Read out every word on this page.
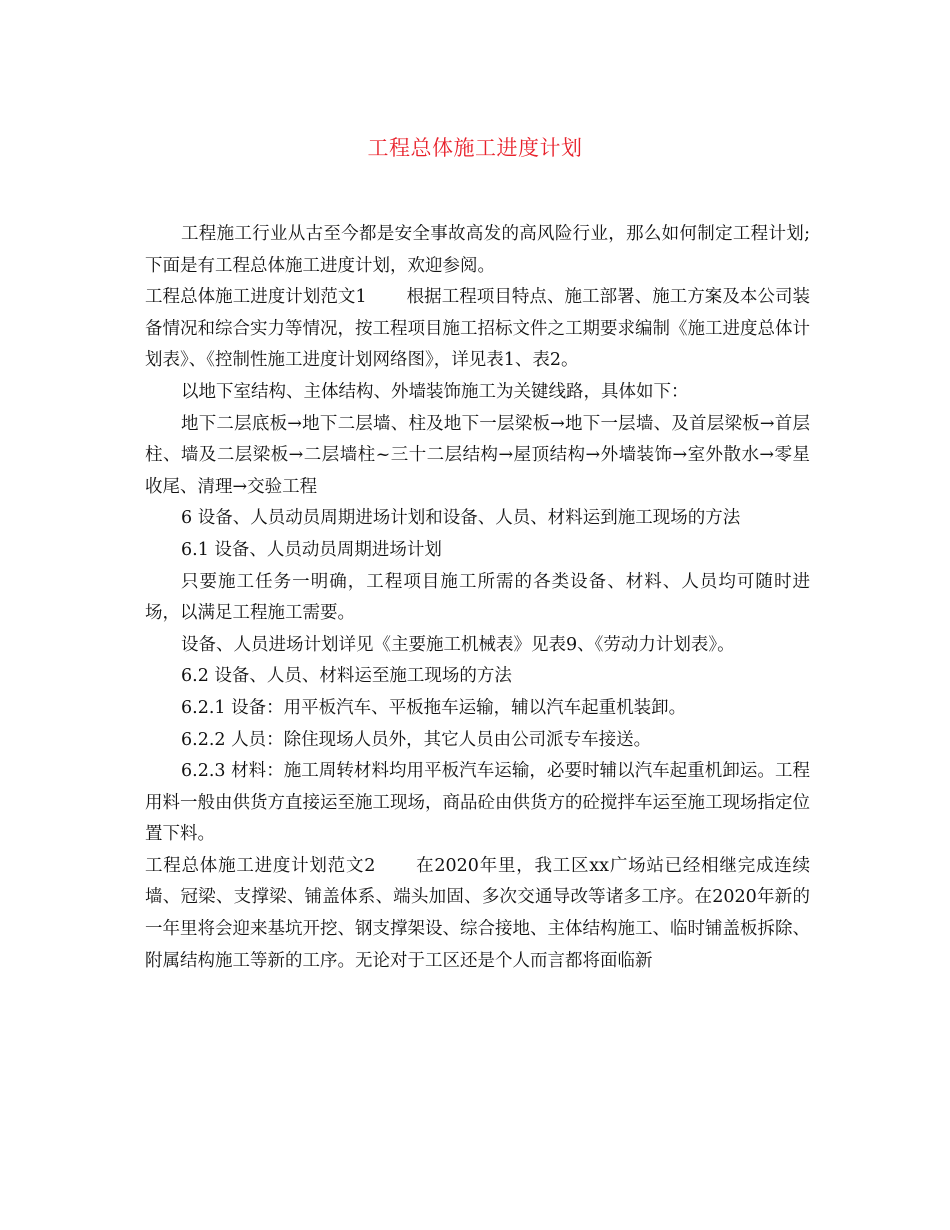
工程总体施工进度计划

工程施工行业从古至今都是安全事故高发的高风险行业，那么如何制定工程计划;下面是有工程总体施工进度计划，欢迎参阅。

工程总体施工进度计划范文1 根据工程项目特点、施工部署、施工方案及本公司装备情况和综合实力等情况，按工程项目施工招标文件之工期要求编制《施工进度总体计划表》、《控制性施工进度计划网络图》，详见表1、表2。

以地下室结构、主体结构、外墙装饰施工为关键线路，具体如下：

地下二层底板→地下二层墙、柱及地下一层梁板→地下一层墙、及首层梁板→首层柱、墙及二层梁板→二层墙柱~三十二层结构→屋顶结构→外墙装饰→室外散水→零星收尾、清理→交验工程

6 设备、人员动员周期进场计划和设备、人员、材料运到施工现场的方法

6.1 设备、人员动员周期进场计划

只要施工任务一明确，工程项目施工所需的各类设备、材料、人员均可随时进场，以满足工程施工需要。

设备、人员进场计划详见《主要施工机械表》见表9、《劳动力计划表》。

6.2 设备、人员、材料运至施工现场的方法

6.2.1 设备：用平板汽车、平板拖车运输，辅以汽车起重机装卸。

6.2.2 人员：除住现场人员外，其它人员由公司派专车接送。

6.2.3 材料：施工周转材料均用平板汽车运输，必要时辅以汽车起重机卸运。工程用料一般由供货方直接运至施工现场，商品砼由供货方的砼搅拌车运至施工现场指定位置下料。

工程总体施工进度计划范文2 在2020年里，我工区xx广场站已经相继完成连续墙、冠梁、支撑梁、铺盖体系、端头加固、多次交通导改等诸多工序。在2020年新的一年里将会迎来基坑开挖、钢支撑架设、综合接地、主体结构施工、临时铺盖板拆除、附属结构施工等新的工序。无论对于工区还是个人而言都将面临新
